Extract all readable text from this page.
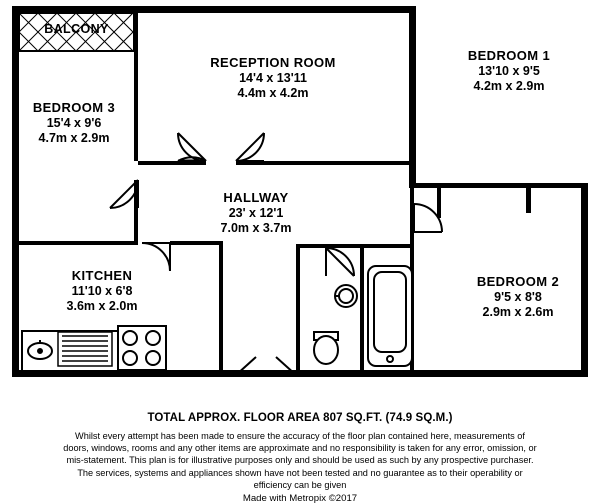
BALCONY
RECEPTION ROOM
14'4 x 13'11
4.4m x 4.2m
BEDROOM 1
13'10 x 9'5
4.2m x 2.9m
BEDROOM 3
15'4 x 9'6
4.7m x 2.9m
HALLWAY
23' x 12'1
7.0m x 3.7m
KITCHEN
11'10 x 6'8
3.6m x 2.0m
BEDROOM 2
9'5 x 8'8
2.9m x 2.6m
TOTAL APPROX. FLOOR AREA 807 SQ.FT. (74.9 SQ.M.)
Whilst every attempt has been made to ensure the accuracy of the floor plan contained here, measurements of doors, windows, rooms and any other items are approximate and no responsibility is taken for any error, omission, or mis-statement. This plan is for illustrative purposes only and should be used as such by any prospective purchaser. The services, systems and appliances shown have not been tested and no guarantee as to their operability or efficiency can be given
Made with Metropix ©2017
